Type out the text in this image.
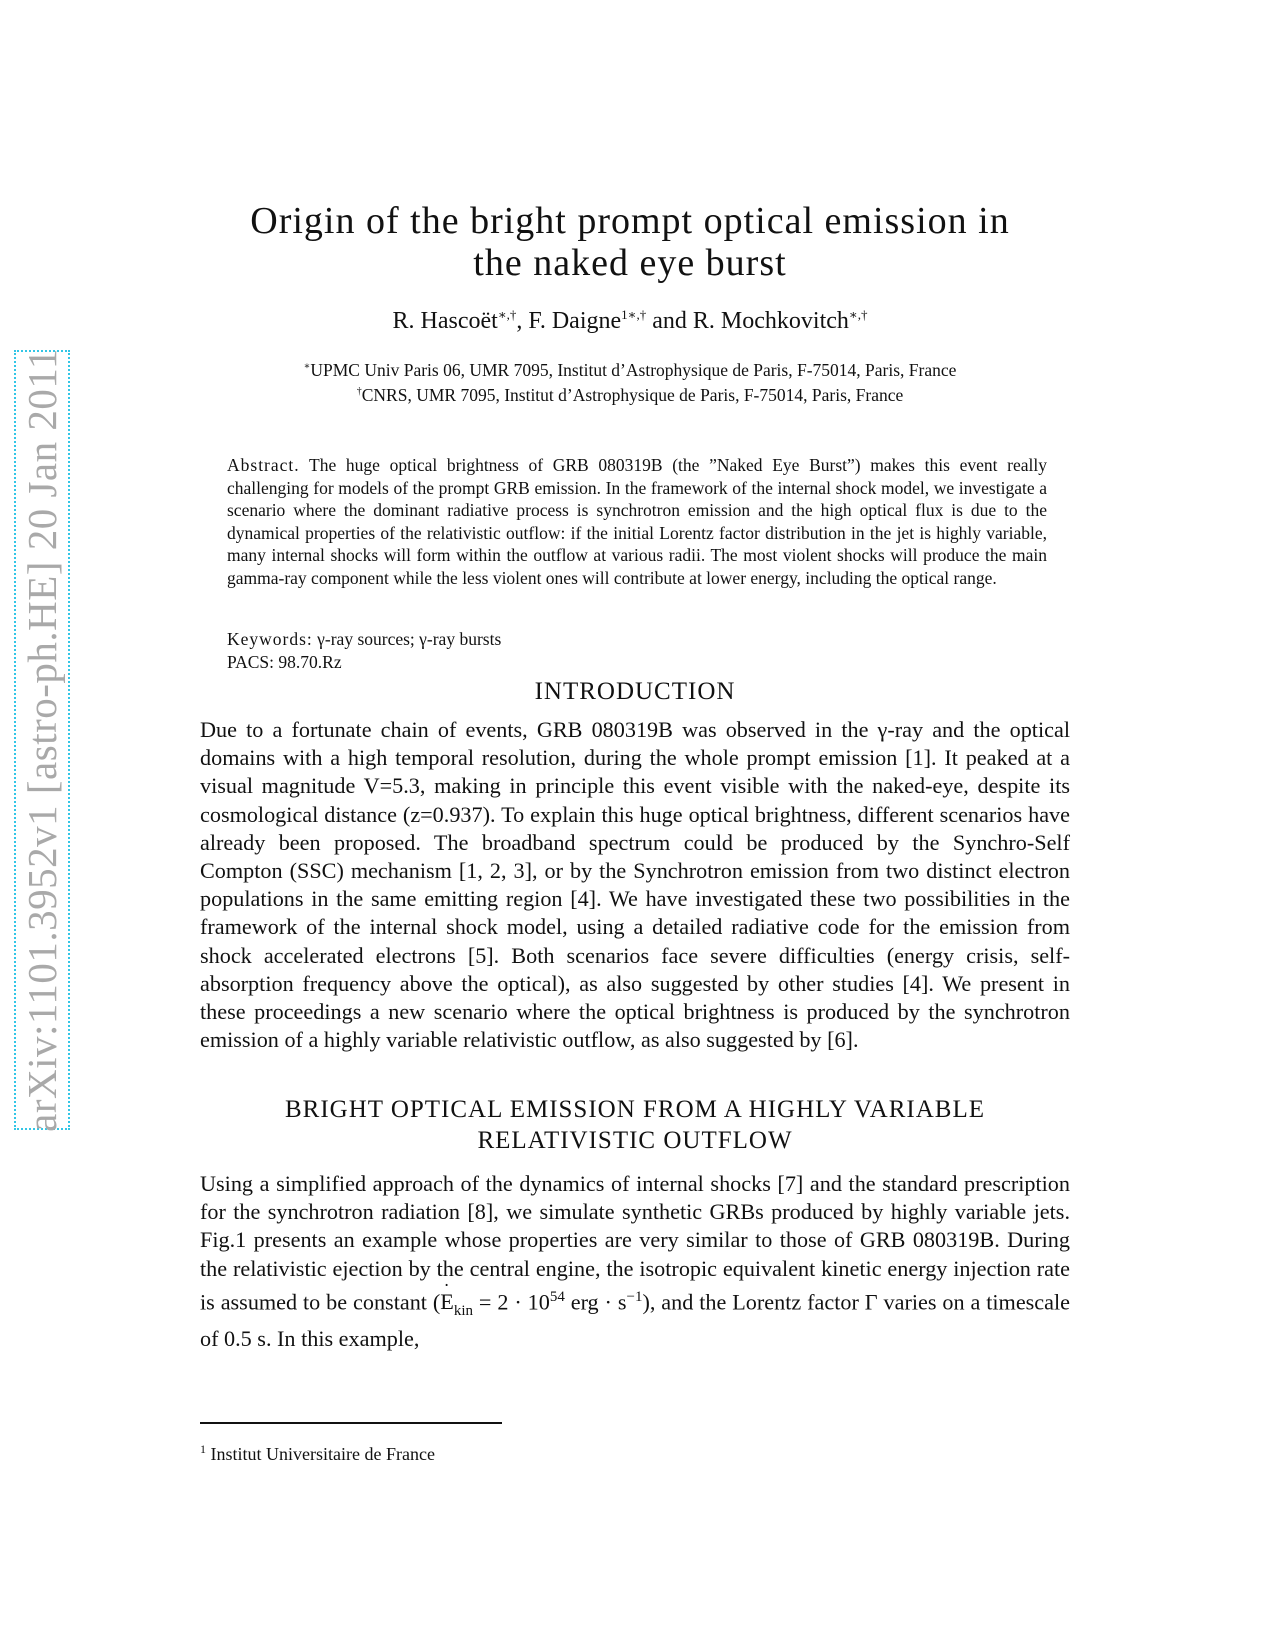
arXiv:1101.3952v1 [astro-ph.HE] 20 Jan 2011
Origin of the bright prompt optical emission in
the naked eye burst
R. Hascoët∗,†, F. Daigne$^{1∗,\dagger}$ and R. Mochkovitch∗,†
∗UPMC Univ Paris 06, UMR 7095, Institut d’Astrophysique de Paris, F-75014, Paris, France
†CNRS, UMR 7095, Institut d’Astrophysique de Paris, F-75014, Paris, France

Abstract. The huge optical brightness of GRB 080319B (the ”Naked Eye Burst”) makes this event really challenging for models of the prompt GRB emission. In the framework of the internal shock model, we investigate a scenario where the dominant radiative process is synchrotron emission and the high optical flux is due to the dynamical properties of the relativistic outflow: if the initial Lorentz factor distribution in the jet is highly variable, many internal shocks will form within the outflow at various radii. The most violent shocks will produce the main gamma-ray component while the less violent ones will contribute at lower energy, including the optical range.

Keywords: γ-ray sources; γ-ray bursts
PACS: 98.70.Rz
INTRODUCTION

Due to a fortunate chain of events, GRB 080319B was observed in the γ-ray and the optical domains with a high temporal resolution, during the whole prompt emission [1]. It peaked at a visual magnitude V=5.3, making in principle this event visible with the naked-eye, despite its cosmological distance (z=0.937). To explain this huge optical brightness, different scenarios have already been proposed. The broadband spectrum could be produced by the Synchro-Self Compton (SSC) mechanism [1, 2, 3], or by the Synchrotron emission from two distinct electron populations in the same emitting region [4]. We have investigated these two possibilities in the framework of the internal shock model, using a detailed radiative code for the emission from shock accelerated electrons [5]. Both scenarios face severe difficulties (energy crisis, self-absorption frequency above the optical), as also suggested by other studies [4]. We present in these proceedings a new scenario where the optical brightness is produced by the synchrotron emission of a highly variable relativistic outflow, as also suggested by [6].

BRIGHT OPTICAL EMISSION FROM A HIGHLY VARIABLE
RELATIVISTIC OUTFLOW

Using a simplified approach of the dynamics of internal shocks [7] and the standard prescription for the synchrotron radiation [8], we simulate synthetic GRBs produced by highly variable jets. Fig.1 presents an example whose properties are very similar to those of GRB 080319B. During the relativistic ejection by the central engine, the isotropic equivalent kinetic energy injection rate is assumed to be constant (E $˙_{kin} = 2 \cdot 10^{54}$ erg · $s^{-1}$), and the Lorentz factor Γ varies on a timescale of 0.5 s. In this example,

$^1$ Institut Universitaire de France
